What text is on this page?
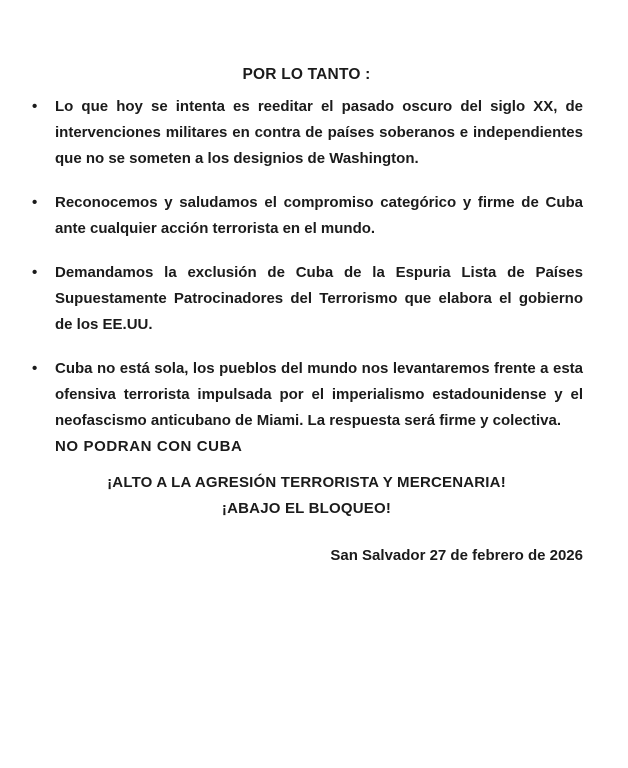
POR LO TANTO :
• Lo que hoy se intenta es reeditar el pasado oscuro del siglo XX, de intervenciones militares en contra de países soberanos e independientes que no se someten a los designios de Washington.
• Reconocemos y saludamos el compromiso categórico y firme de Cuba ante cualquier acción terrorista en el mundo.
• Demandamos la exclusión de Cuba de la Espuria Lista de Países Supuestamente Patrocinadores del Terrorismo que elabora el gobierno de los EE.UU.
• Cuba no está sola, los pueblos del mundo nos levantaremos frente a esta ofensiva terrorista impulsada por el imperialismo estadounidense y el neofascismo anticubano de Miami. La respuesta será firme y colectiva.
NO PODRAN CON CUBA

¡ALTO A LA AGRESIÓN TERRORISTA Y MERCENARIA!

¡ABAJO EL BLOQUEO!

San Salvador 27 de febrero de 2026
